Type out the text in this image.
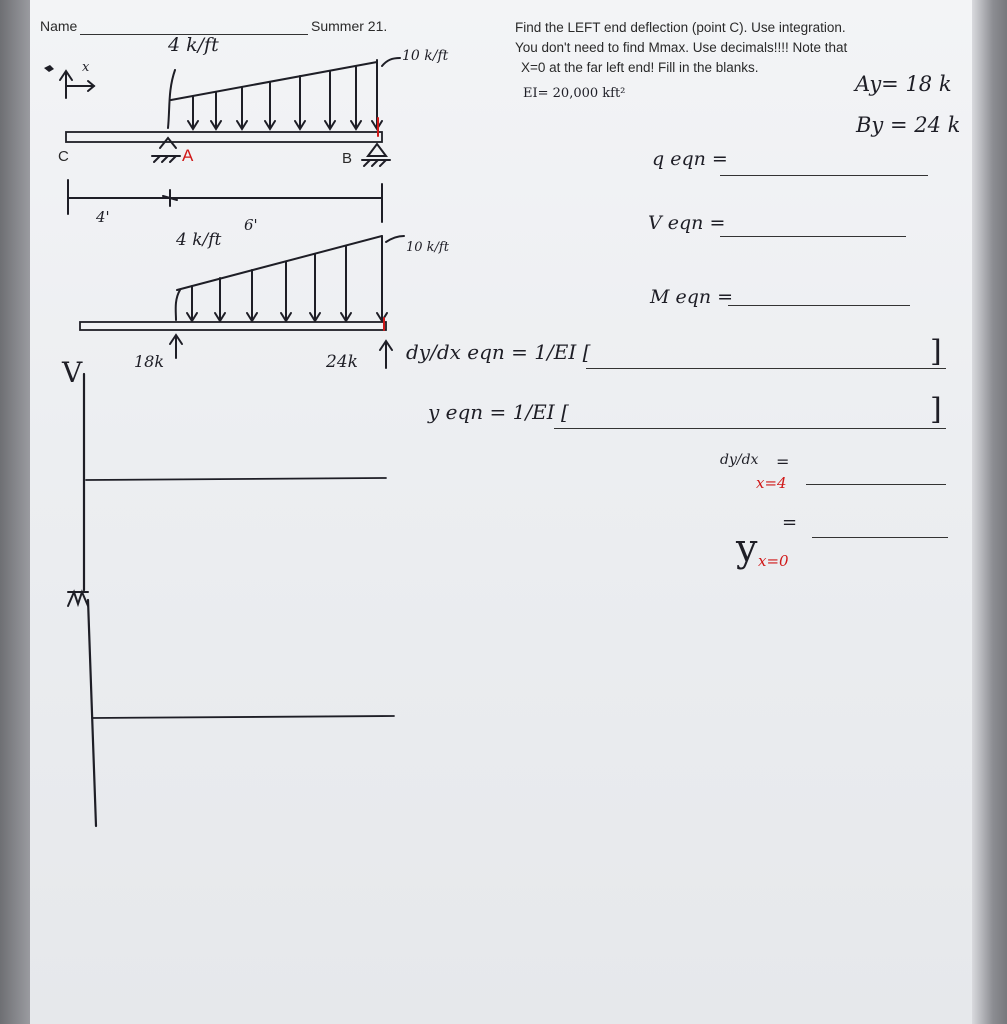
Name	Summer 21.	Find the LEFT end deflection (point C). Use integration.
You don't need to find Mmax. Use decimals!!!! Note that
X=0 at the far left end! Fill in the blanks.
EI= 20,000 kft²	Ay= 18 k
By = 24 k
4 k/ft	10 k/ft
x
C	A	B
4'	6'
4 k/ft	10 k/ft
18k	24k
V
q eqn =
V eqn =
M eqn =
dy/dx eqn = 1/EI [	]
y eqn = 1/EI [	]
dy/dx
x=4
=
y x=0
=
